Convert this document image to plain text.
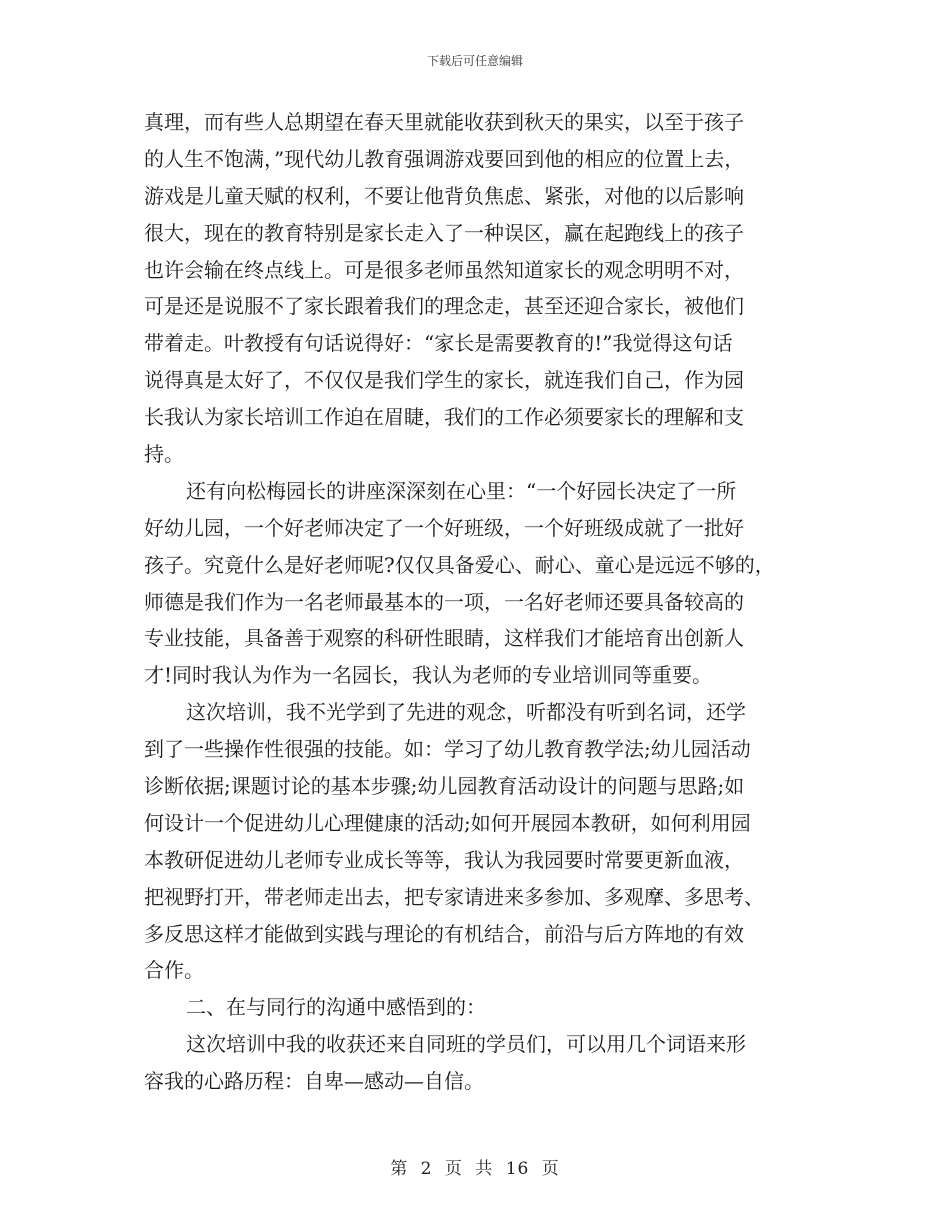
下载后可任意编辑
真理，而有些人总期望在春天里就能收获到秋天的果实，以至于孩子
的人生不饱满，”现代幼儿教育强调游戏要回到他的相应的位置上去，
游戏是儿童天赋的权利，不要让他背负焦虑、紧张，对他的以后影响
很大，现在的教育特别是家长走入了一种误区，赢在起跑线上的孩子
也许会输在终点线上。可是很多老师虽然知道家长的观念明明不对，
可是还是说服不了家长跟着我们的理念走，甚至还迎合家长，被他们
带着走。叶教授有句话说得好：“家长是需要教育的!”我觉得这句话
说得真是太好了，不仅仅是我们学生的家长，就连我们自己，作为园
长我认为家长培训工作迫在眉睫，我们的工作必须要家长的理解和支
持。
还有向松梅园长的讲座深深刻在心里：“一个好园长决定了一所
好幼儿园，一个好老师决定了一个好班级，一个好班级成就了一批好
孩子。究竟什么是好老师呢?仅仅具备爱心、耐心、童心是远远不够的，
师德是我们作为一名老师最基本的一项，一名好老师还要具备较高的
专业技能，具备善于观察的科研性眼睛，这样我们才能培育出创新人
才!同时我认为作为一名园长，我认为老师的专业培训同等重要。
这次培训，我不光学到了先进的观念，听都没有听到名词，还学
到了一些操作性很强的技能。如：学习了幼儿教育教学法;幼儿园活动
诊断依据;课题讨论的基本步骤;幼儿园教育活动设计的问题与思路;如
何设计一个促进幼儿心理健康的活动;如何开展园本教研，如何利用园
本教研促进幼儿老师专业成长等等，我认为我园要时常要更新血液，
把视野打开，带老师走出去，把专家请进来多参加、多观摩、多思考、
多反思这样才能做到实践与理论的有机结合，前沿与后方阵地的有效
合作。
二、在与同行的沟通中感悟到的：
这次培训中我的收获还来自同班的学员们，可以用几个词语来形
容我的心路历程：自卑—感动—自信。
第 2 页 共 16 页
